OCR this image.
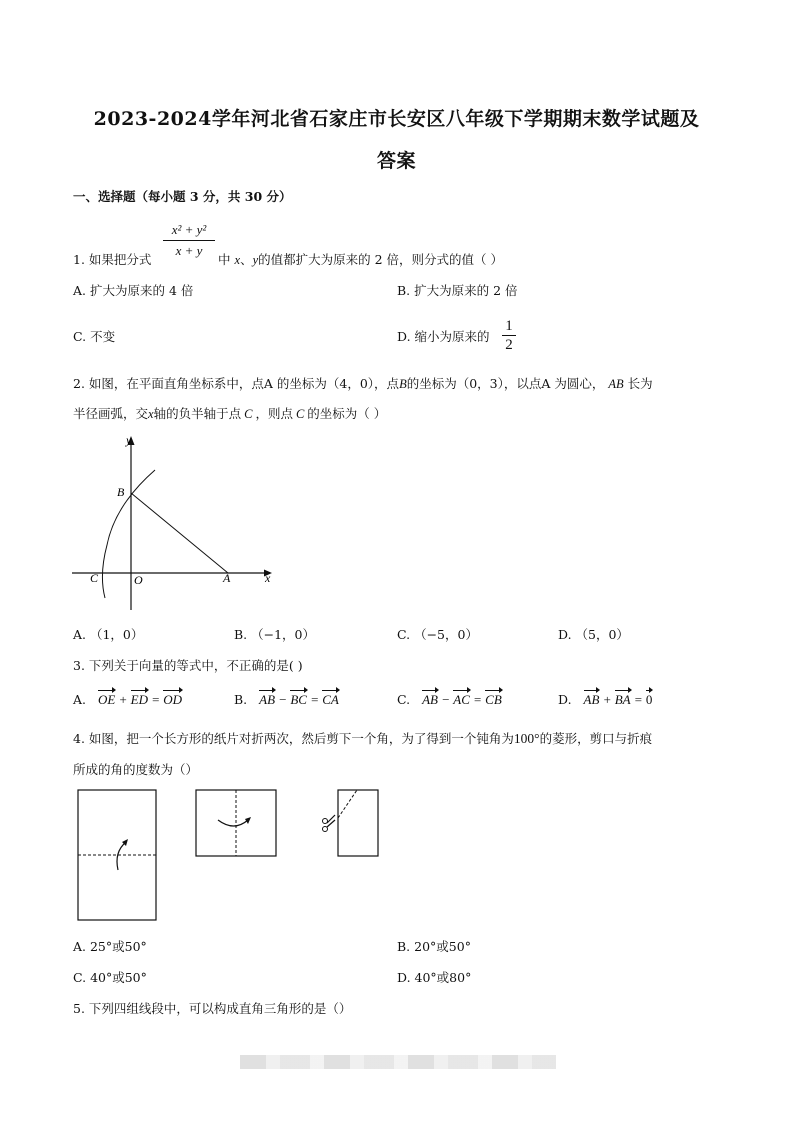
2023-2024学年河北省石家庄市长安区八年级下学期期末数学试题及
答案
一、选择题（每小题 3 分，共 30 分）
1. 如果把分式
x² + y²
x + y
中 x、y的值都扩大为原来的 2 倍，则分式的值（ ）
A. 扩大为原来的 4 倍	B. 扩大为原来的 2 倍
C. 不变	D. 缩小为原来的
1
2
2. 如图，在平面直角坐标系中，点A 的坐标为（4，0），点B的坐标为（0，3），以点A 为圆心， AB 长为
半径画弧，交x轴的负半轴于点 C ，则点 C 的坐标为（ ）
y
x
B
C	O	A
A. （1，0）	B. （−1，0）	C. （−5，0）	D. （5，0）
3. 下列关于向量的等式中，不正确的是( )
A. OE + ED = OD	B. AB − BC = CA	C. AB − AC = CB	D. AB + BA = 0
4. 如图，把一个长方形的纸片对折两次，然后剪下一个角，为了得到一个钝角为100°的菱形，剪口与折痕
所成的角的度数为（）
A. 25°或50°	B. 20°或50°
C. 40°或50°	D. 40°或80°
5. 下列四组线段中，可以构成直角三角形的是（）
